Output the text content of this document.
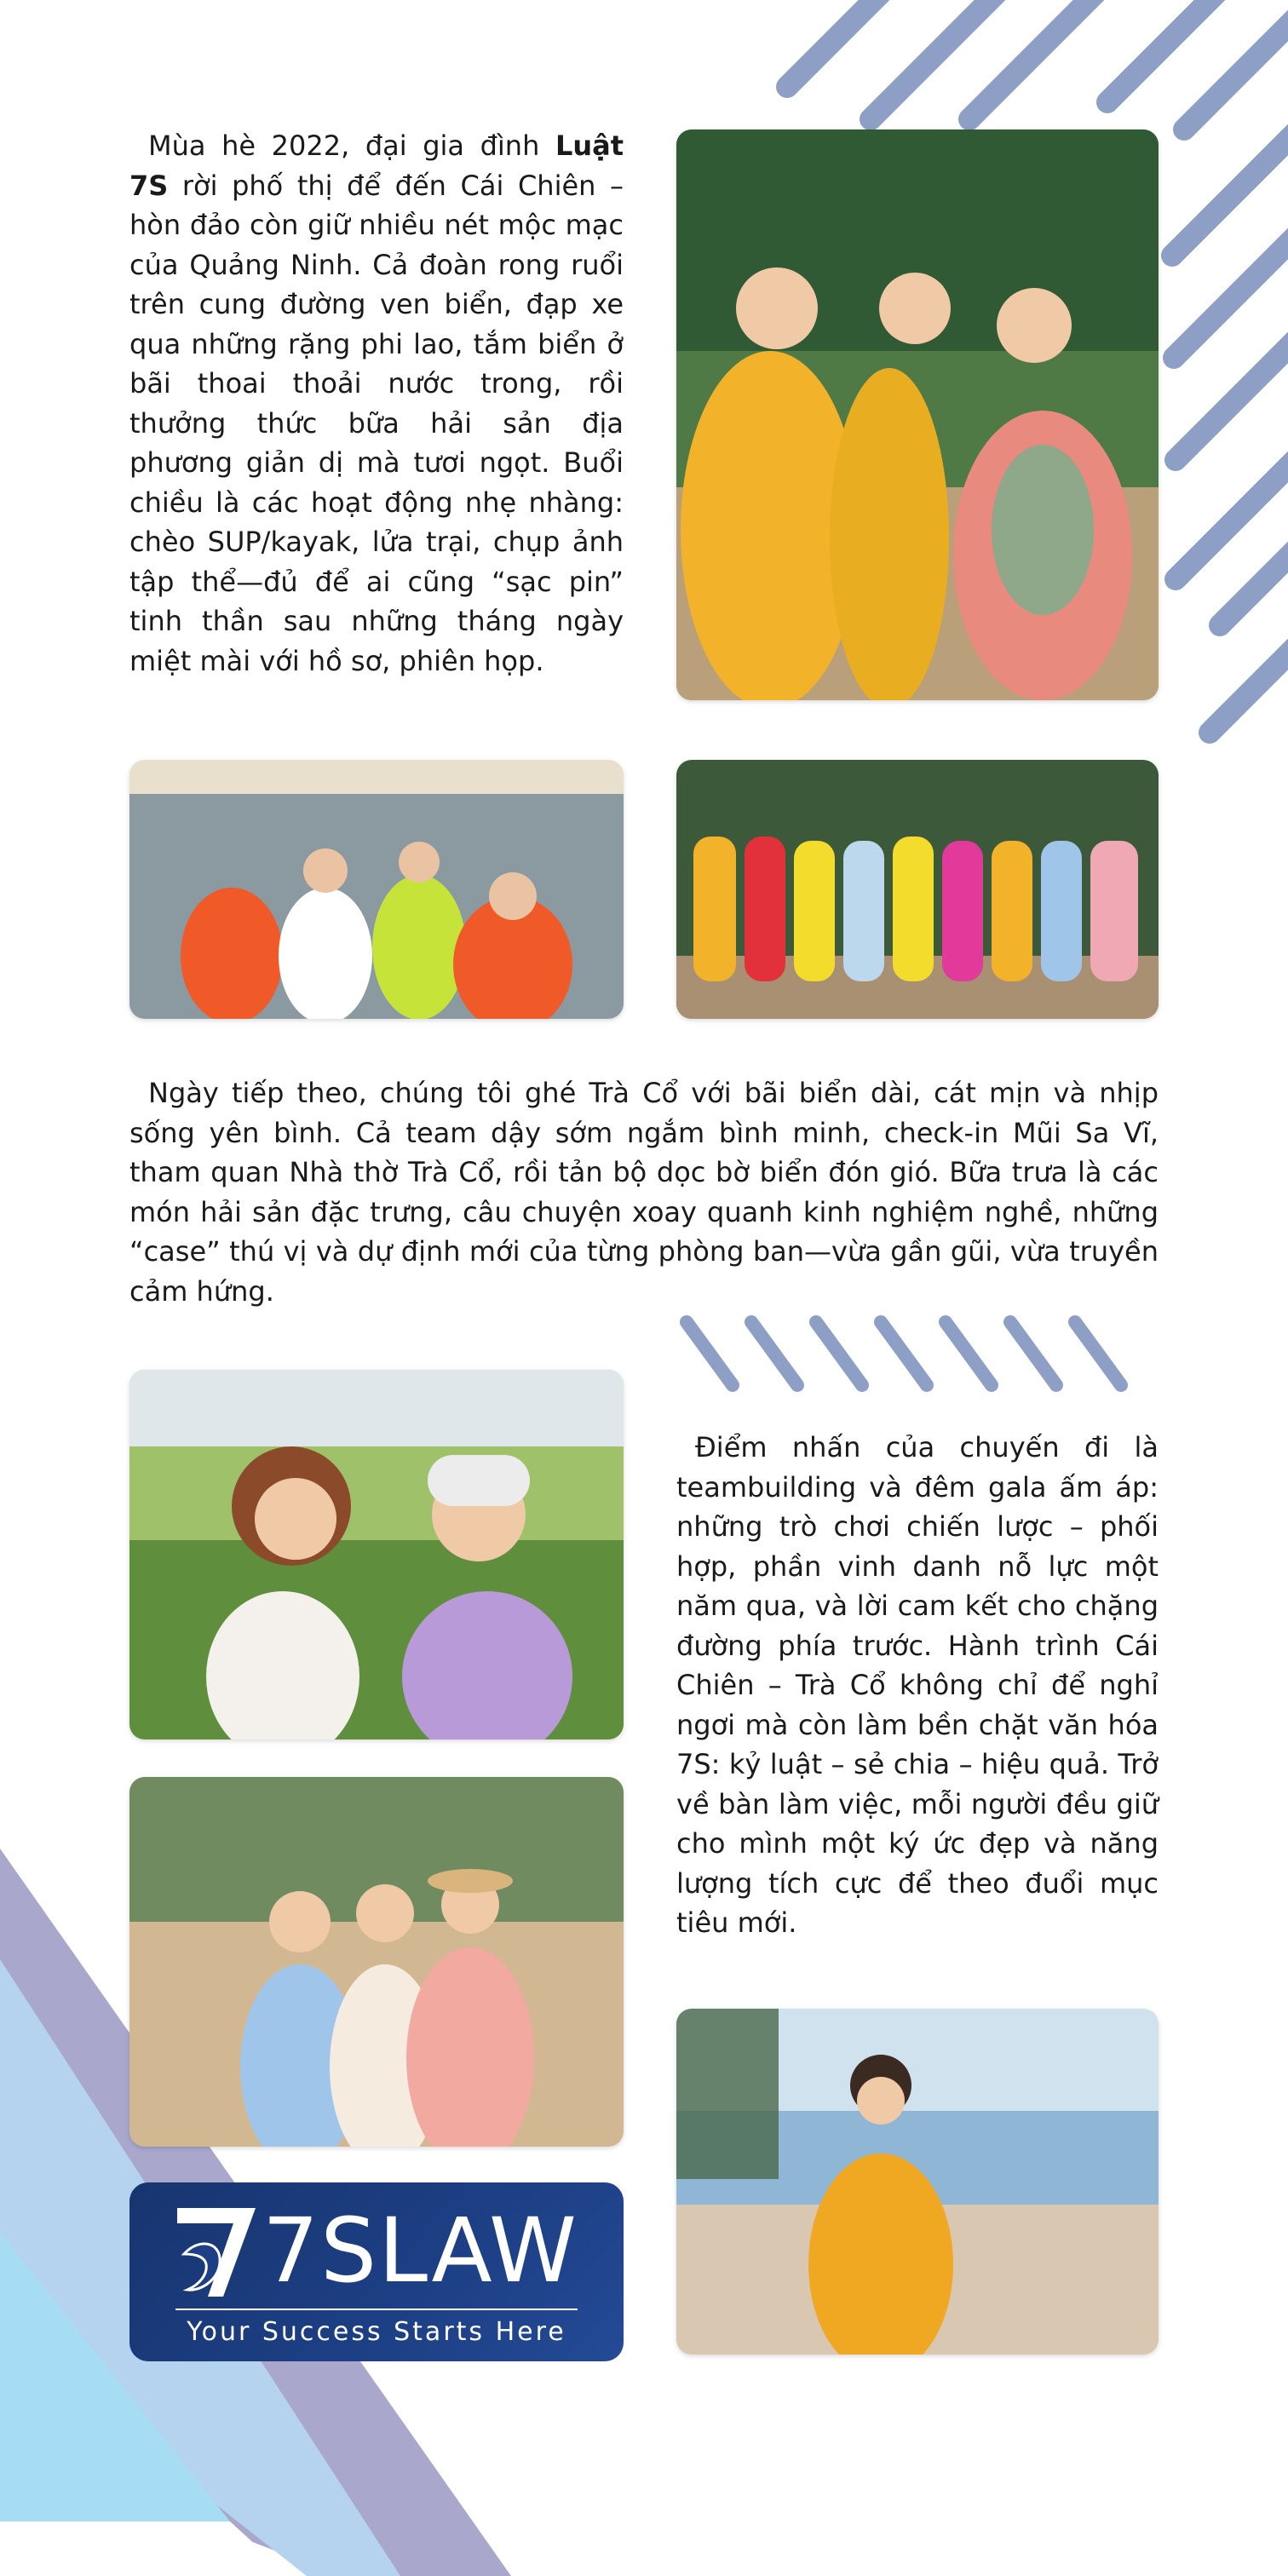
Mùa hè 2022, đại gia đình Luật 7S rời phố thị để đến Cái Chiên – hòn đảo còn giữ nhiều nét mộc mạc của Quảng Ninh. Cả đoàn rong ruổi trên cung đường ven biển, đạp xe qua những rặng phi lao, tắm biển ở bãi thoai thoải nước trong, rồi thưởng thức bữa hải sản địa phương giản dị mà tươi ngọt. Buổi chiều là các hoạt động nhẹ nhàng: chèo SUP/kayak, lửa trại, chụp ảnh tập thể—đủ để ai cũng “sạc pin” tinh thần sau những tháng ngày miệt mài với hồ sơ, phiên họp.

Ngày tiếp theo, chúng tôi ghé Trà Cổ với bãi biển dài, cát mịn và nhịp sống yên bình. Cả team dậy sớm ngắm bình minh, check-in Mũi Sa Vĩ, tham quan Nhà thờ Trà Cổ, rồi tản bộ dọc bờ biển đón gió. Bữa trưa là các món hải sản đặc trưng, câu chuyện xoay quanh kinh nghiệm nghề, những “case” thú vị và dự định mới của từng phòng ban—vừa gần gũi, vừa truyền cảm hứng.

Điểm nhấn của chuyến đi là teambuilding và đêm gala ấm áp: những trò chơi chiến lược – phối hợp, phần vinh danh nỗ lực một năm qua, và lời cam kết cho chặng đường phía trước. Hành trình Cái Chiên – Trà Cổ không chỉ để nghỉ ngơi mà còn làm bền chặt văn hóa 7S: kỷ luật – sẻ chia – hiệu quả. Trở về bàn làm việc, mỗi người đều giữ cho mình một ký ức đẹp và năng lượng tích cực để theo đuổi mục tiêu mới.

7SLAW
Your Success Starts Here
